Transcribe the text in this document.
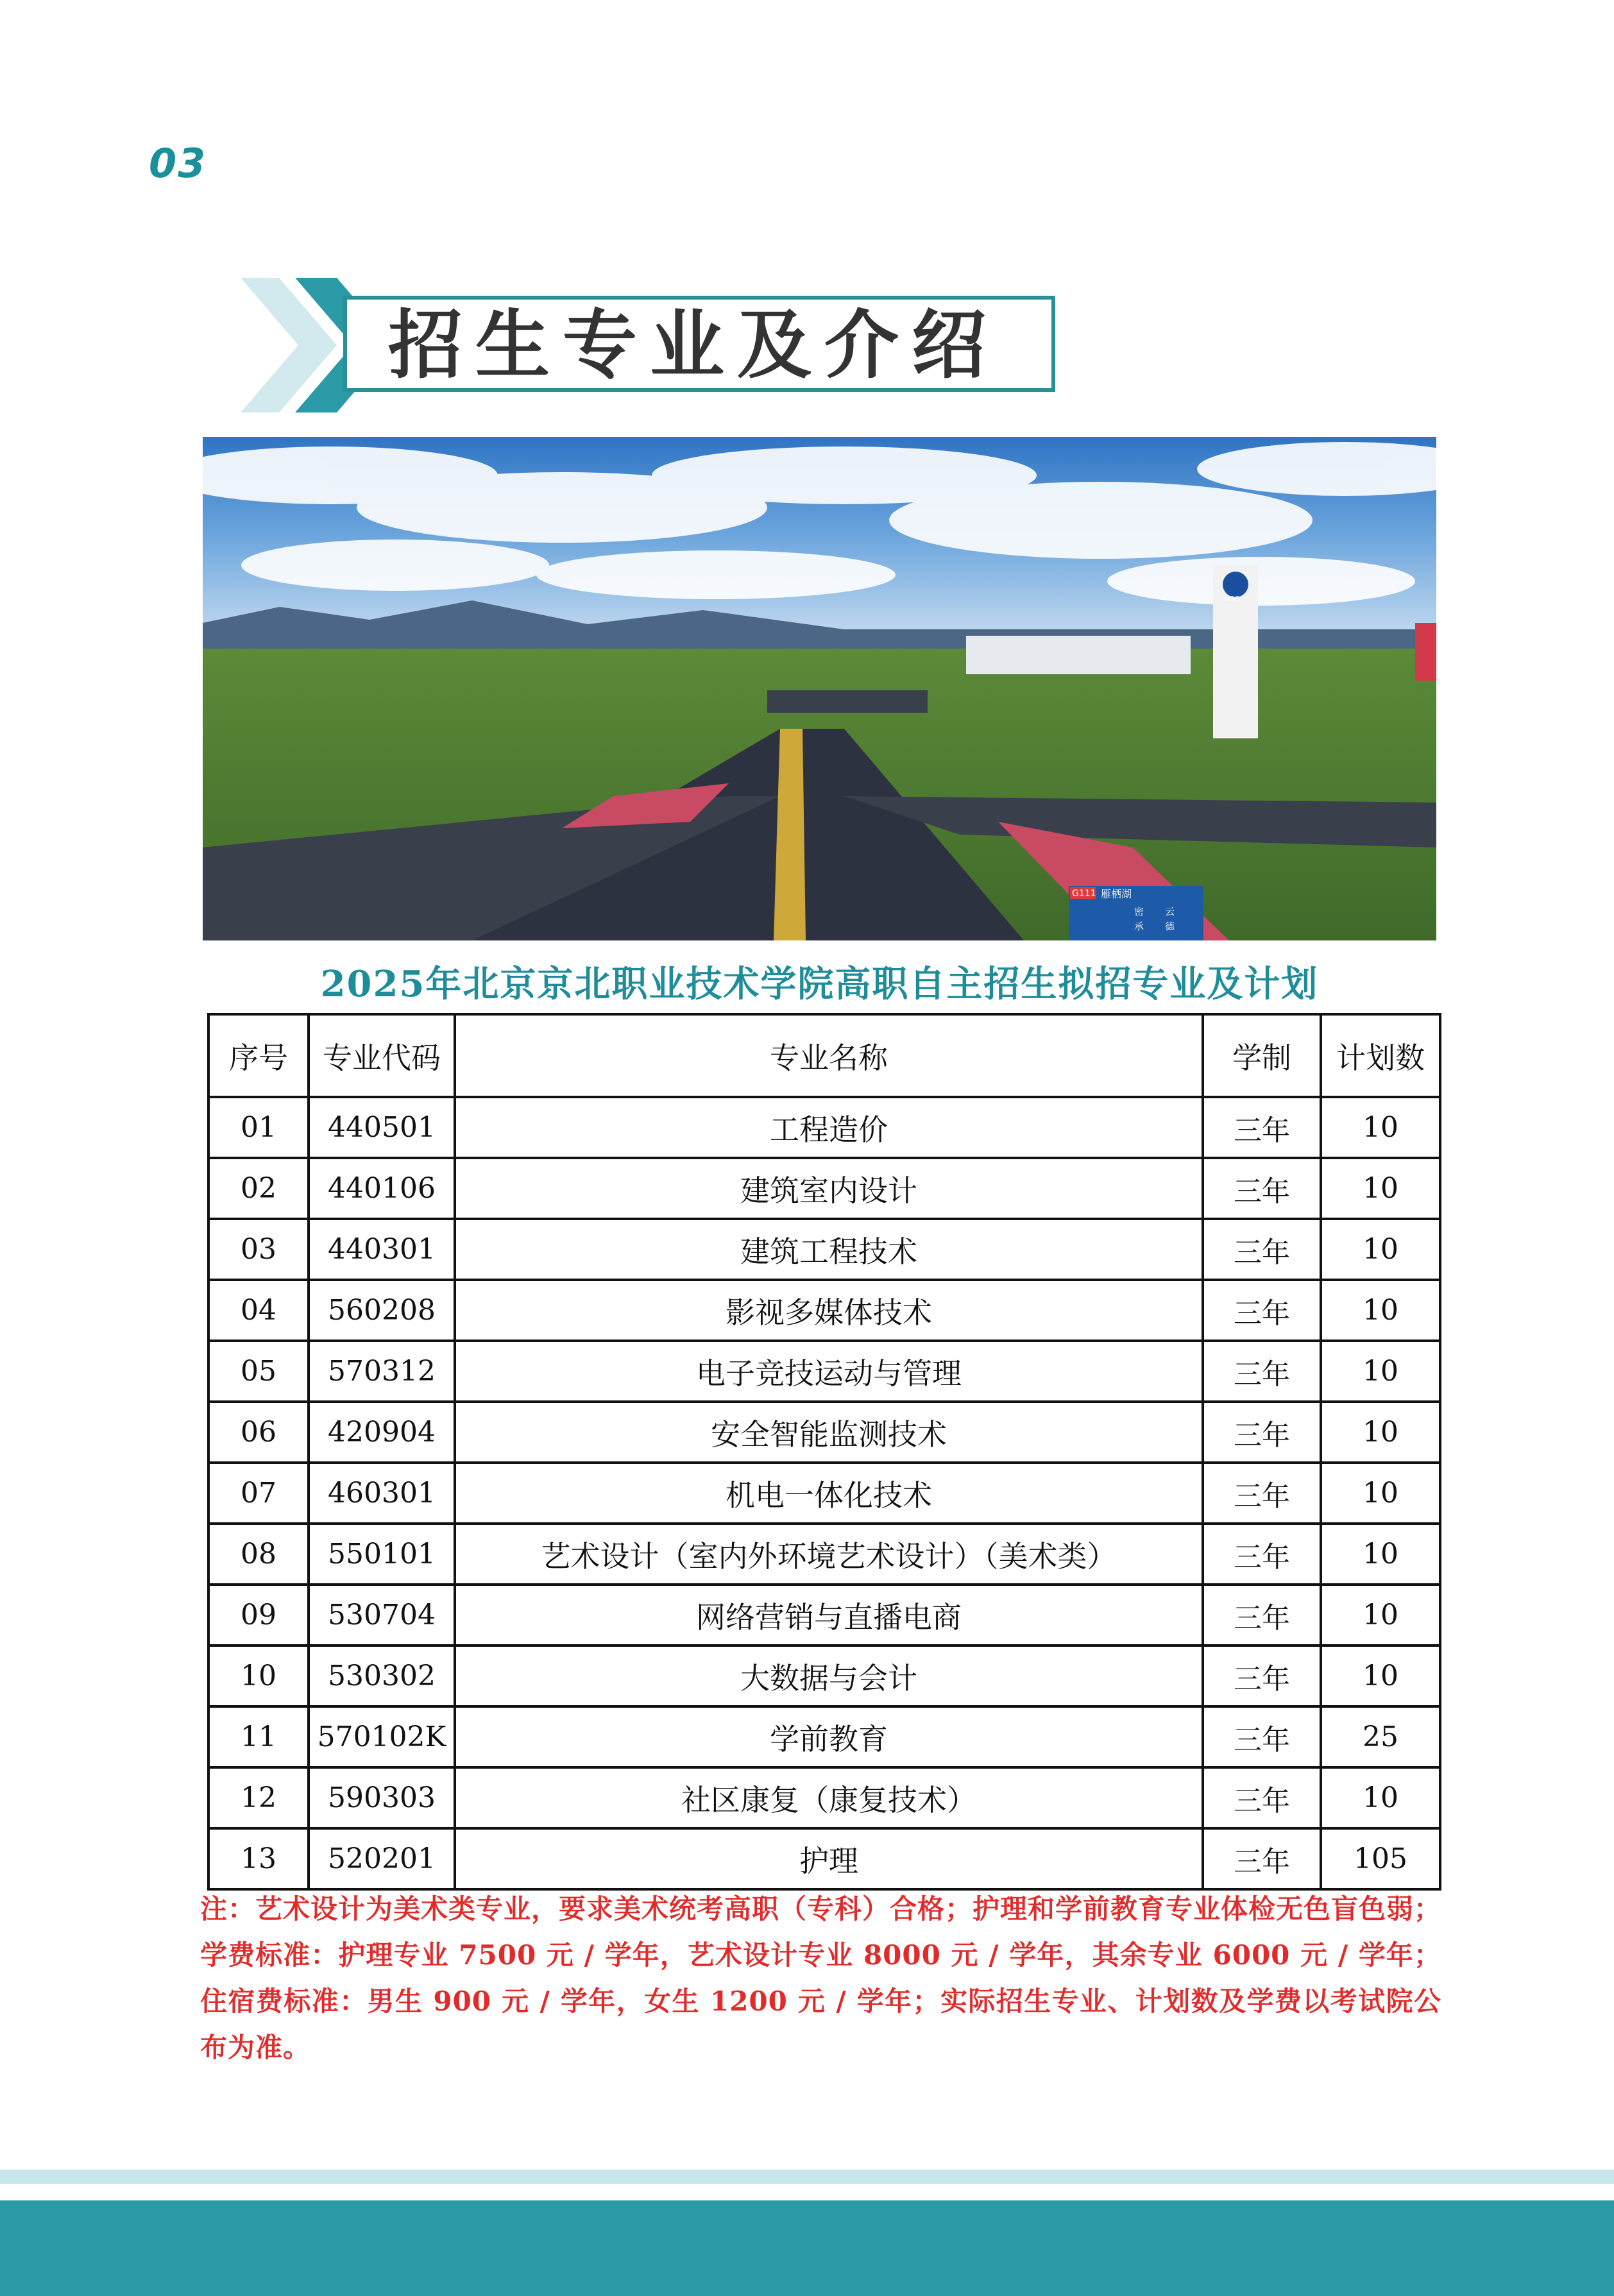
03
招生专业及介绍
G111 雁栖湖
密 云
承 德
HSC
2025年北京京北职业技术学院高职自主招生拟招专业及计划
序号	专业代码	专业名称	学制	计划数
01	440501	工程造价	三年	10
02	440106	建筑室内设计	三年	10
03	440301	建筑工程技术	三年	10
04	560208	影视多媒体技术	三年	10
05	570312	电子竞技运动与管理	三年	10
06	420904	安全智能监测技术	三年	10
07	460301	机电一体化技术	三年	10
08	550101	艺术设计（室内外环境艺术设计）（美术类）	三年	10
09	530704	网络营销与直播电商	三年	10
10	530302	大数据与会计	三年	10
11	570102K	学前教育	三年	25
12	590303	社区康复（康复技术）	三年	10
13	520201	护理	三年	105
注：艺术设计为美术类专业，要求美术统考高职（专科）合格；护理和学前教育专业体检无色盲色弱；学费标准：护理专业 7500 元 / 学年，艺术设计专业 8000 元 / 学年，其余专业 6000 元 / 学年；住宿费标准：男生 900 元 / 学年，女生 1200 元 / 学年；实际招生专业、计划数及学费以考试院公布为准。
